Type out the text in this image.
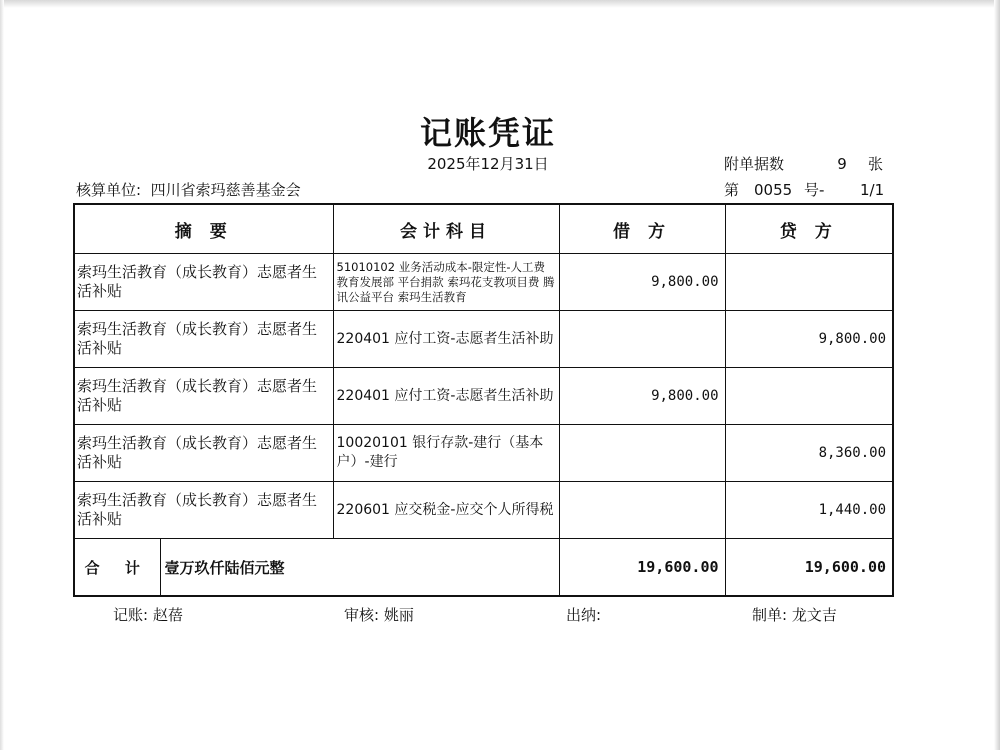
记账凭证
2025年12月31日	附单据数	9 张
核算单位: 四川省索玛慈善基金会	第 0055 号- 1/1
摘 要		会计科目	借 方	贷 方
索玛生活教育（成长教育）志愿者生活补贴		51010102 业务活动成本-限定性-人工费 教育发展部 平台捐款 索玛花支教项目费 腾讯公益平台 索玛生活教育	9,800.00	
索玛生活教育（成长教育）志愿者生活补贴		220401 应付工资-志愿者生活补助		9,800.00
索玛生活教育（成长教育）志愿者生活补贴		220401 应付工资-志愿者生活补助	9,800.00	
索玛生活教育（成长教育）志愿者生活补贴		10020101 银行存款-建行（基本户）-建行		8,360.00
索玛生活教育（成长教育）志愿者生活补贴		220601 应交税金-应交个人所得税		1,440.00
合 计	壹万玖仟陆佰元整		19,600.00	19,600.00
记账: 赵蓓	审核: 姚丽	出纳:	制单: 龙文吉
